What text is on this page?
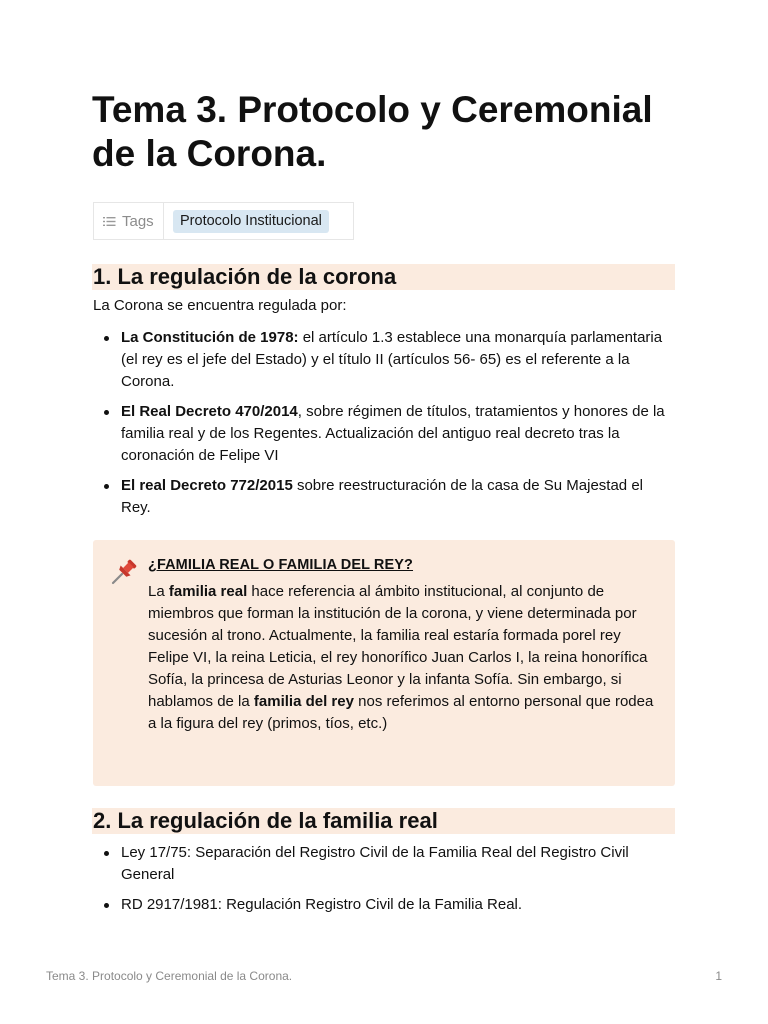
Tema 3. Protocolo y Ceremonial de la Corona.
Tags	Protocolo Institucional
1. La regulación de la corona

La Corona se encuentra regulada por:

La Constitución de 1978: el artículo 1.3 establece una monarquía parlamentaria (el rey es el jefe del Estado) y el título II (artículos 56- 65) es el referente a la Corona.
El Real Decreto 470/2014, sobre régimen de títulos, tratamientos y honores de la familia real y de los Regentes. Actualización del antiguo real decreto tras la coronación de Felipe VI
El real Decreto 772/2015 sobre reestructuración de la casa de Su Majestad el Rey.
¿FAMILIA REAL O FAMILIA DEL REY?
La familia real hace referencia al ámbito institucional, al conjunto de miembros que forman la institución de la corona, y viene determinada por sucesión al trono. Actualmente, la familia real estaría formada porel rey Felipe VI, la reina Leticia, el rey honorífico Juan Carlos I, la reina honorífica Sofía, la princesa de Asturias Leonor y la infanta Sofía. Sin embargo, si hablamos de la familia del rey nos referimos al entorno personal que rodea a la figura del rey (primos, tíos, etc.)
2. La regulación de la familia real
Ley 17/75: Separación del Registro Civil de la Familia Real del Registro Civil General
RD 2917/1981: Regulación Registro Civil de la Familia Real.
Tema 3. Protocolo y Ceremonial de la Corona.	1
